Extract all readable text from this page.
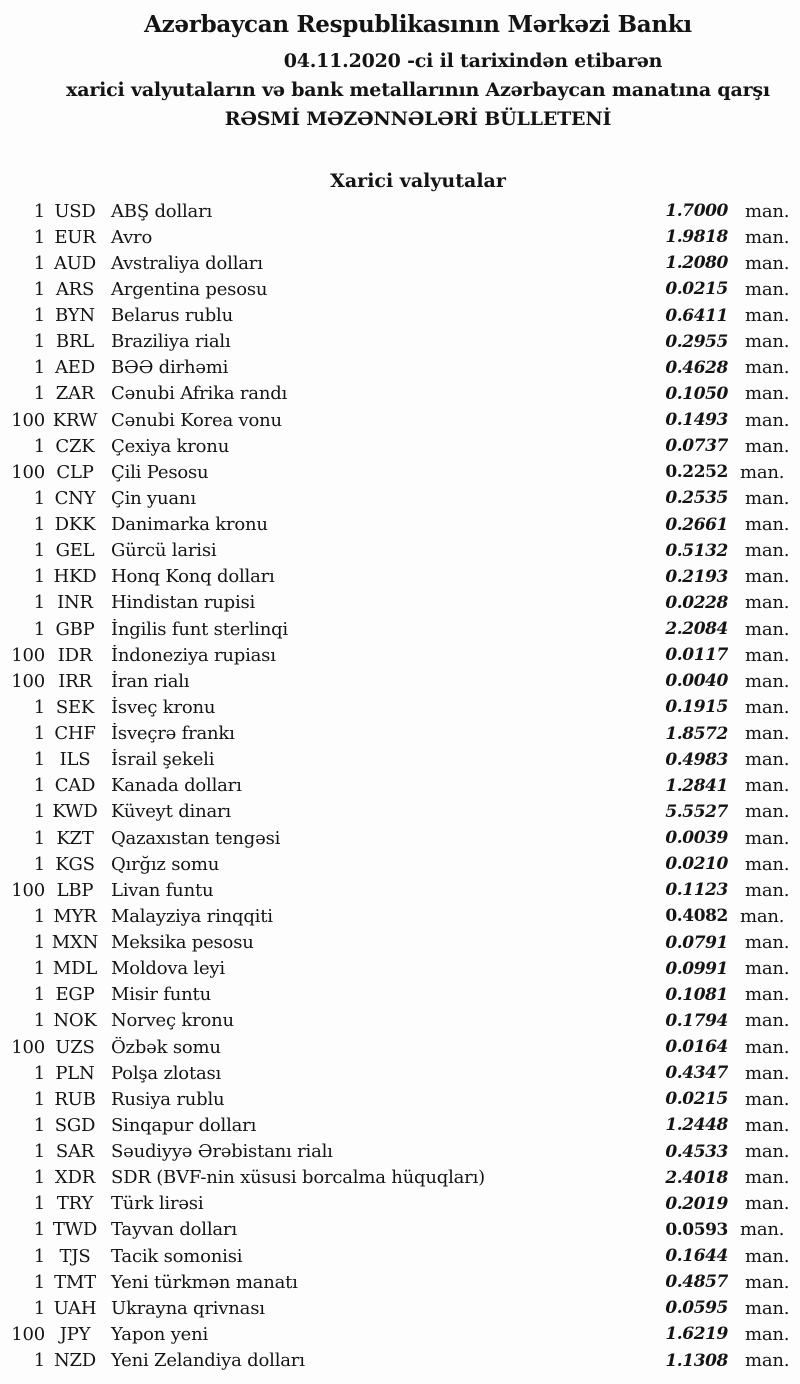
Azərbaycan Respublikasının Mərkəzi Bankı
04.11.2020 -ci il tarixindən etibarən
xarici valyutaların və bank metallarının Azərbaycan manatına qarşı
RƏSMİ MƏZƏNNƏLƏRİ BÜLLETENİ
Xarici valyutalar
1 USD ABŞ dolları	1.7000 man.
1 EUR Avro	1.9818 man.
1 AUD Avstraliya dolları	1.2080 man.
1 ARS Argentina pesosu	0.0215 man.
1 BYN Belarus rublu	0.6411 man.
1 BRL Braziliya rialı	0.2955 man.
1 AED BƏƏ dirhəmi	0.4628 man.
1 ZAR Cənubi Afrika randı	0.1050 man.
100 KRW Cənubi Korea vonu	0.1493 man.
1 CZK Çexiya kronu	0.0737 man.
100 CLP Çili Pesosu	0.2252 man.
1 CNY Çin yuanı	0.2535 man.
1 DKK Danimarka kronu	0.2661 man.
1 GEL Gürcü larisi	0.5132 man.
1 HKD Honq Konq dolları	0.2193 man.
1 INR	Hindistan rupisi	0.0228 man.
1 GBP İngilis funt sterlinqi	2.2084 man.
100 IDR	İndoneziya rupiası	0.0117 man.
100 IRR	İran rialı	0.0040 man.
1 SEK İsveç kronu	0.1915 man.
1 CHF İsveçrə frankı	1.8572 man.
1 ILS	İsrail şekeli	0.4983 man.
1 CAD Kanada dolları	1.2841 man.
1 KWD Küveyt dinarı	5.5527 man.
1 KZT Qazaxıstan tengəsi	0.0039 man.
1 KGS Qırğız somu	0.0210 man.
100 LBP Livan funtu	0.1123 man.
1 MYR Malayziya rinqqiti	0.4082 man.
1 MXN Meksika pesosu	0.0791 man.
1 MDL Moldova leyi	0.0991 man.
1 EGP Misir funtu	0.1081 man.
1 NOK Norveç kronu	0.1794 man.
100 UZS Özbək somu	0.0164 man.
1 PLN Polşa zlotası	0.4347 man.
1 RUB Rusiya rublu	0.0215 man.
1 SGD Sinqapur dolları	1.2448 man.
1 SAR Səudiyyə Ərəbistanı rialı	0.4533 man.
1 XDR SDR (BVF-nin xüsusi borcalma hüquqları)	2.4018 man.
1 TRY Türk lirəsi	0.2019 man.
1 TWD Tayvan dolları	0.0593 man.
1 TJS	Tacik somonisi	0.1644 man.
1 TMT Yeni türkmən manatı	0.4857 man.
1 UAH Ukrayna qrivnası	0.0595 man.
100 JPY	Yapon yeni	1.6219 man.
1 NZD Yeni Zelandiya dolları	1.1308 man.
